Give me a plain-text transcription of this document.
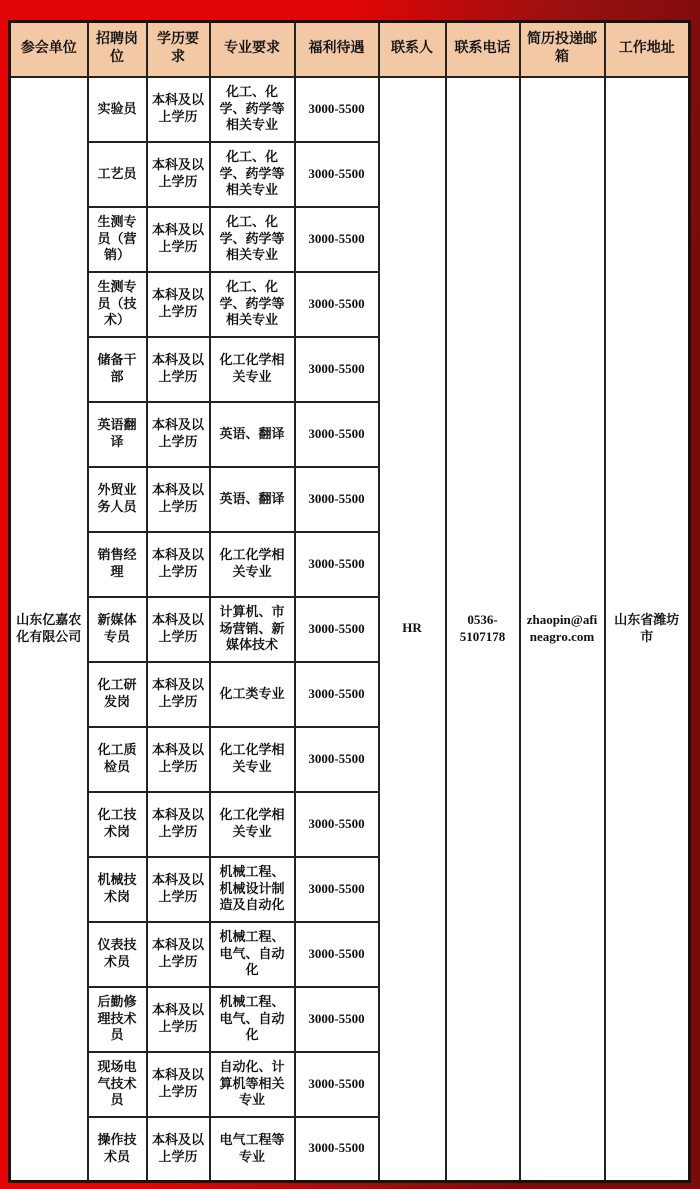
参会单位	招聘岗位	学历要求	专业要求	福利待遇	联系人	联系电话	简历投递邮箱	工作地址
山东亿嘉农化有限公司	实验员	本科及以上学历	化工、化学、药学等相关专业	3000-5500	HR	0536-5107178	zhaopin@afineagro.com	山东省潍坊市
	工艺员	本科及以上学历	化工、化学、药学等相关专业	3000-5500				
	生测专员（营销）	本科及以上学历	化工、化学、药学等相关专业	3000-5500				
	生测专员（技术）	本科及以上学历	化工、化学、药学等相关专业	3000-5500				
	储备干部	本科及以上学历	化工化学相关专业	3000-5500				
	英语翻译	本科及以上学历	英语、翻译	3000-5500				
	外贸业务人员	本科及以上学历	英语、翻译	3000-5500				
	销售经理	本科及以上学历	化工化学相关专业	3000-5500				
	新媒体专员	本科及以上学历	计算机、市场营销、新媒体技术	3000-5500				
	化工研发岗	本科及以上学历	化工类专业	3000-5500				
	化工质检员	本科及以上学历	化工化学相关专业	3000-5500				
	化工技术岗	本科及以上学历	化工化学相关专业	3000-5500				
	机械技术岗	本科及以上学历	机械工程、机械设计制造及自动化	3000-5500				
	仪表技术员	本科及以上学历	机械工程、电气、自动化	3000-5500				
	后勤修理技术员	本科及以上学历	机械工程、电气、自动化	3000-5500				
	现场电气技术员	本科及以上学历	自动化、计算机等相关专业	3000-5500				
	操作技术员	本科及以上学历	电气工程等专业	3000-5500				
